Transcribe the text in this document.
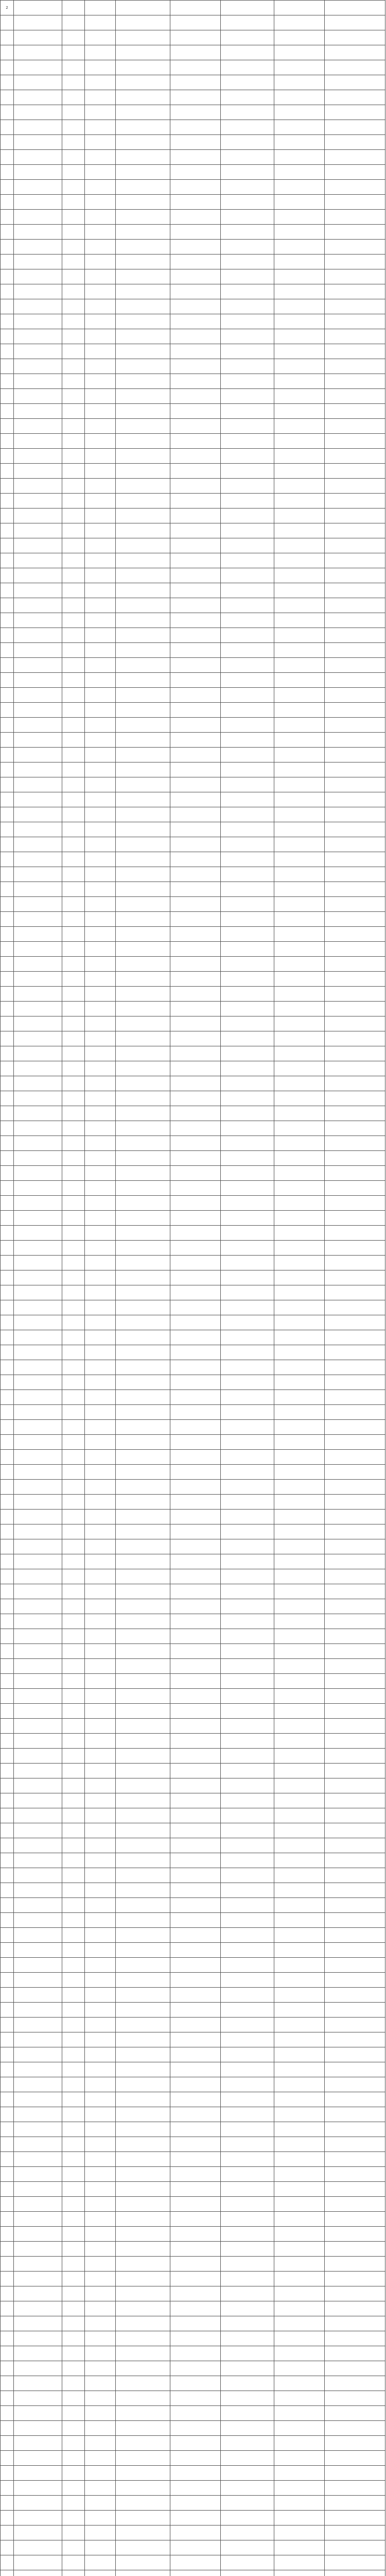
2								
